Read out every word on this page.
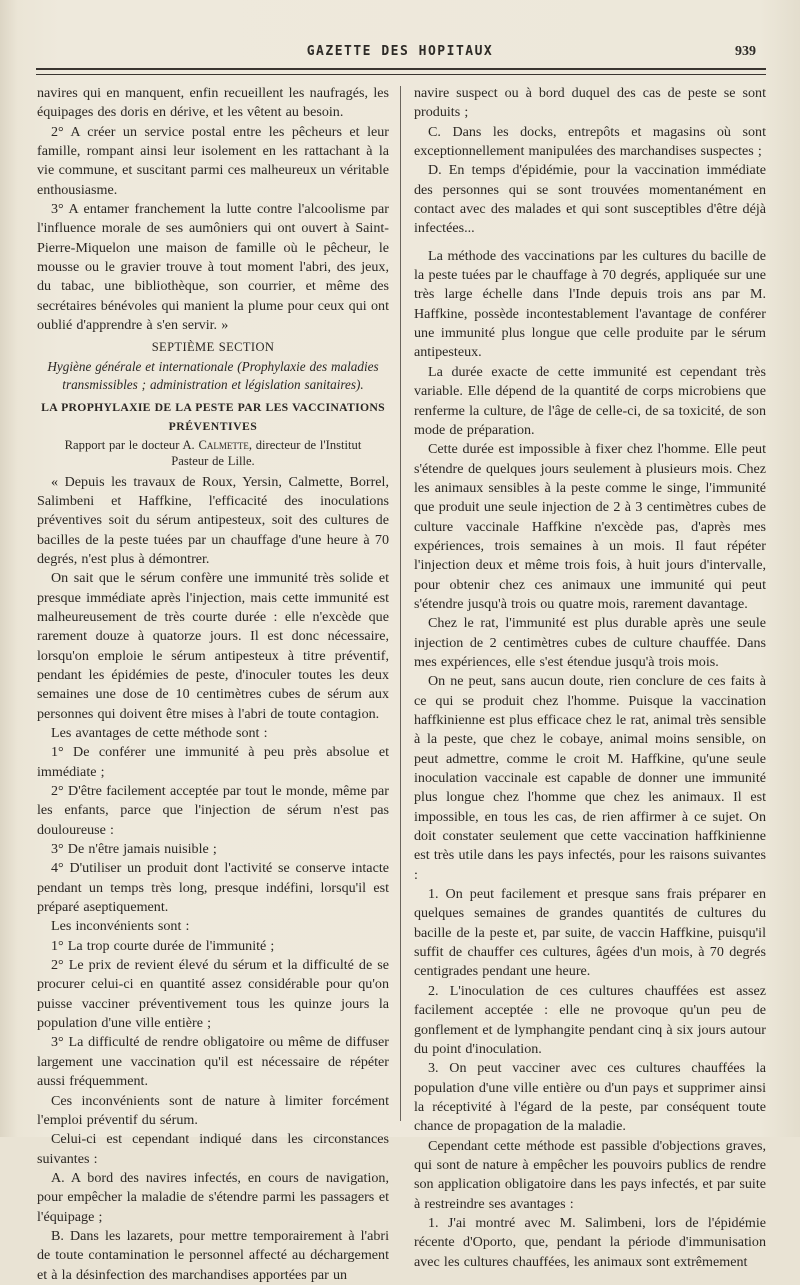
GAZETTE DES HOPITAUX	939

navires qui en manquent, enfin recueillent les naufragés, les équipages des doris en dérive, et les vêtent au besoin.

2° A créer un service postal entre les pêcheurs et leur famille, rompant ainsi leur isolement en les rattachant à la vie commune, et suscitant parmi ces malheureux un véritable enthousiasme.

3° A entamer franchement la lutte contre l'alcoolisme par l'influence morale de ses aumôniers qui ont ouvert à Saint-Pierre-Miquelon une maison de famille où le pêcheur, le mousse ou le gravier trouve à tout moment l'abri, des jeux, du tabac, une bibliothèque, son courrier, et même des secrétaires bénévoles qui manient la plume pour ceux qui ont oublié d'apprendre à s'en servir. »

SEPTIÈME SECTION

Hygiène générale et internationale (Prophylaxie des maladies transmissibles ; administration et législation sanitaires).

LA PROPHYLAXIE DE LA PESTE PAR LES VACCINATIONS

PRÉVENTIVES

Rapport par le docteur A. Calmette, directeur de l'Institut

Pasteur de Lille.

« Depuis les travaux de Roux, Yersin, Calmette, Borrel, Salimbeni et Haffkine, l'efficacité des inoculations préventives soit du sérum antipesteux, soit des cultures de bacilles de la peste tuées par un chauffage d'une heure à 70 degrés, n'est plus à démontrer.

On sait que le sérum confère une immunité très solide et presque immédiate après l'injection, mais cette immunité est malheureusement de très courte durée : elle n'excède que rarement douze à quatorze jours. Il est donc nécessaire, lorsqu'on emploie le sérum antipesteux à titre préventif, pendant les épidémies de peste, d'inoculer toutes les deux semaines une dose de 10 centimètres cubes de sérum aux personnes qui doivent être mises à l'abri de toute contagion.

Les avantages de cette méthode sont :

1° De conférer une immunité à peu près absolue et immédiate ;

2° D'être facilement acceptée par tout le monde, même par les enfants, parce que l'injection de sérum n'est pas douloureuse :

3° De n'être jamais nuisible ;

4° D'utiliser un produit dont l'activité se conserve intacte pendant un temps très long, presque indéfini, lorsqu'il est préparé aseptiquement.

Les inconvénients sont :

1° La trop courte durée de l'immunité ;

2° Le prix de revient élevé du sérum et la difficulté de se procurer celui-ci en quantité assez considérable pour qu'on puisse vacciner préventivement tous les quinze jours la population d'une ville entière ;

3° La difficulté de rendre obligatoire ou même de diffuser largement une vaccination qu'il est nécessaire de répéter aussi fréquemment.

Ces inconvénients sont de nature à limiter forcément l'emploi préventif du sérum.

Celui-ci est cependant indiqué dans les circonstances suivantes :

A. A bord des navires infectés, en cours de navigation, pour empêcher la maladie de s'étendre parmi les passagers et l'équipage ;

B. Dans les lazarets, pour mettre temporairement à l'abri de toute contamination le personnel affecté au déchargement et à la désinfection des marchandises apportées par un

navire suspect ou à bord duquel des cas de peste se sont produits ;

C. Dans les docks, entrepôts et magasins où sont exceptionnellement manipulées des marchandises suspectes ;

D. En temps d'épidémie, pour la vaccination immédiate des personnes qui se sont trouvées momentanément en contact avec des malades et qui sont susceptibles d'être déjà infectées...

La méthode des vaccinations par les cultures du bacille de la peste tuées par le chauffage à 70 degrés, appliquée sur une très large échelle dans l'Inde depuis trois ans par M. Haffkine, possède incontestablement l'avantage de conférer une immunité plus longue que celle produite par le sérum antipesteux.

La durée exacte de cette immunité est cependant très variable. Elle dépend de la quantité de corps microbiens que renferme la culture, de l'âge de celle-ci, de sa toxicité, de son mode de préparation.

Cette durée est impossible à fixer chez l'homme. Elle peut s'étendre de quelques jours seulement à plusieurs mois. Chez les animaux sensibles à la peste comme le singe, l'immunité que produit une seule injection de 2 à 3 centimètres cubes de culture vaccinale Haffkine n'excède pas, d'après mes expériences, trois semaines à un mois. Il faut répéter l'injection deux et même trois fois, à huit jours d'intervalle, pour obtenir chez ces animaux une immunité qui peut s'étendre jusqu'à trois ou quatre mois, rarement davantage.

Chez le rat, l'immunité est plus durable après une seule injection de 2 centimètres cubes de culture chauffée. Dans mes expériences, elle s'est étendue jusqu'à trois mois.

On ne peut, sans aucun doute, rien conclure de ces faits à ce qui se produit chez l'homme. Puisque la vaccination haffkinienne est plus efficace chez le rat, animal très sensible à la peste, que chez le cobaye, animal moins sensible, on peut admettre, comme le croit M. Haffkine, qu'une seule inoculation vaccinale est capable de donner une immunité plus longue chez l'homme que chez les animaux. Il est impossible, en tous les cas, de rien affirmer à ce sujet. On doit constater seulement que cette vaccination haffkinienne est très utile dans les pays infectés, pour les raisons suivantes :

1. On peut facilement et presque sans frais préparer en quelques semaines de grandes quantités de cultures du bacille de la peste et, par suite, de vaccin Haffkine, puisqu'il suffit de chauffer ces cultures, âgées d'un mois, à 70 degrés centigrades pendant une heure.

2. L'inoculation de ces cultures chauffées est assez facilement acceptée : elle ne provoque qu'un peu de gonflement et de lymphangite pendant cinq à six jours autour du point d'inoculation.

3. On peut vacciner avec ces cultures chauffées la population d'une ville entière ou d'un pays et supprimer ainsi la réceptivité à l'égard de la peste, par conséquent toute chance de propagation de la maladie.

Cependant cette méthode est passible d'objections graves, qui sont de nature à empêcher les pouvoirs publics de rendre son application obligatoire dans les pays infectés, et par suite à restreindre ses avantages :

1. J'ai montré avec M. Salimbeni, lors de l'épidémie récente d'Oporto, que, pendant la période d'immunisation avec les cultures chauffées, les animaux sont extrêmement
